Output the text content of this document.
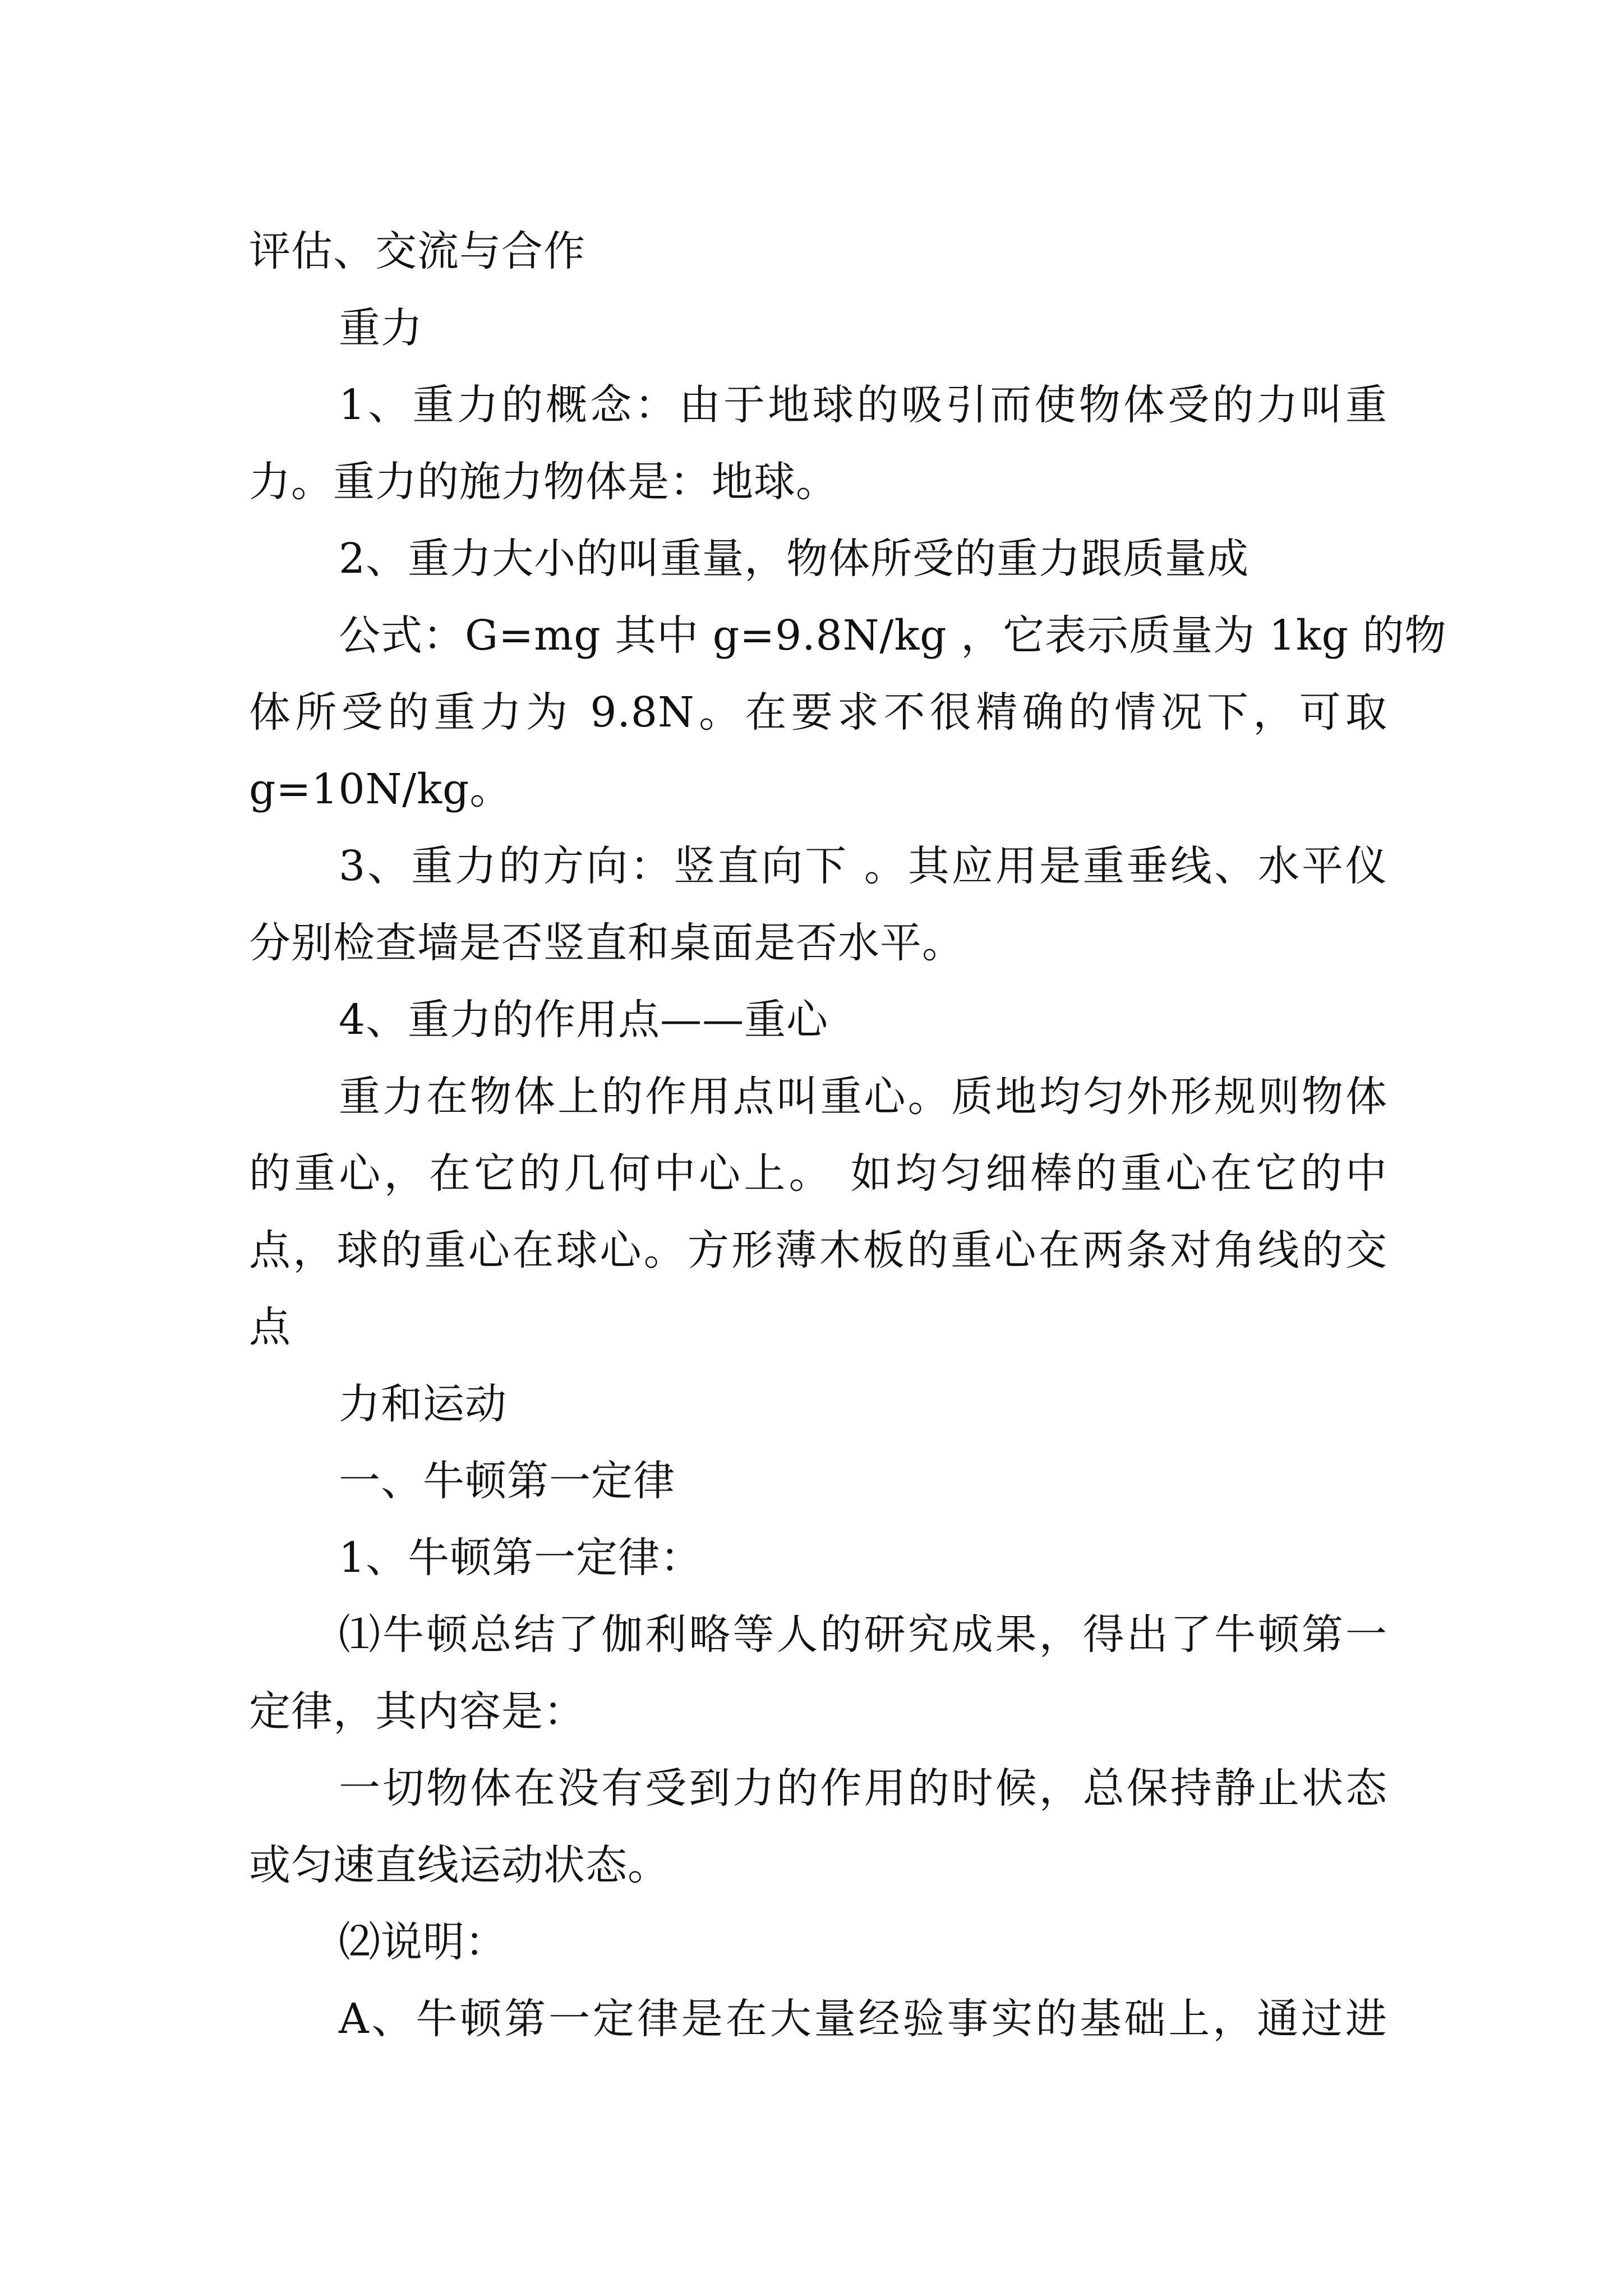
评估、交流与合作
重力
1、重力的概念：由于地球的吸引而使物体受的力叫重
力。重力的施力物体是：地球。
2、重力大小的叫重量，物体所受的重力跟质量成
公式：G=mg 其中 g=9.8N/kg ，它表示质量为 1kg 的物
体所受的重力为 9.8N。在要求不很精确的情况下，可取
g=10N/kg。
3、重力的方向：竖直向下 。其应用是重垂线、水平仪
分别检查墙是否竖直和桌面是否水平。
4、重力的作用点——重心
重力在物体上的作用点叫重心。质地均匀外形规则物体
的重心，在它的几何中心上。 如均匀细棒的重心在它的中
点，球的重心在球心。方形薄木板的重心在两条对角线的交
点
力和运动
一、牛顿第一定律
1、牛顿第一定律：
⑴牛顿总结了伽利略等人的研究成果，得出了牛顿第一
定律，其内容是：
一切物体在没有受到力的作用的时候，总保持静止状态
或匀速直线运动状态。
⑵说明：
A、牛顿第一定律是在大量经验事实的基础上，通过进
